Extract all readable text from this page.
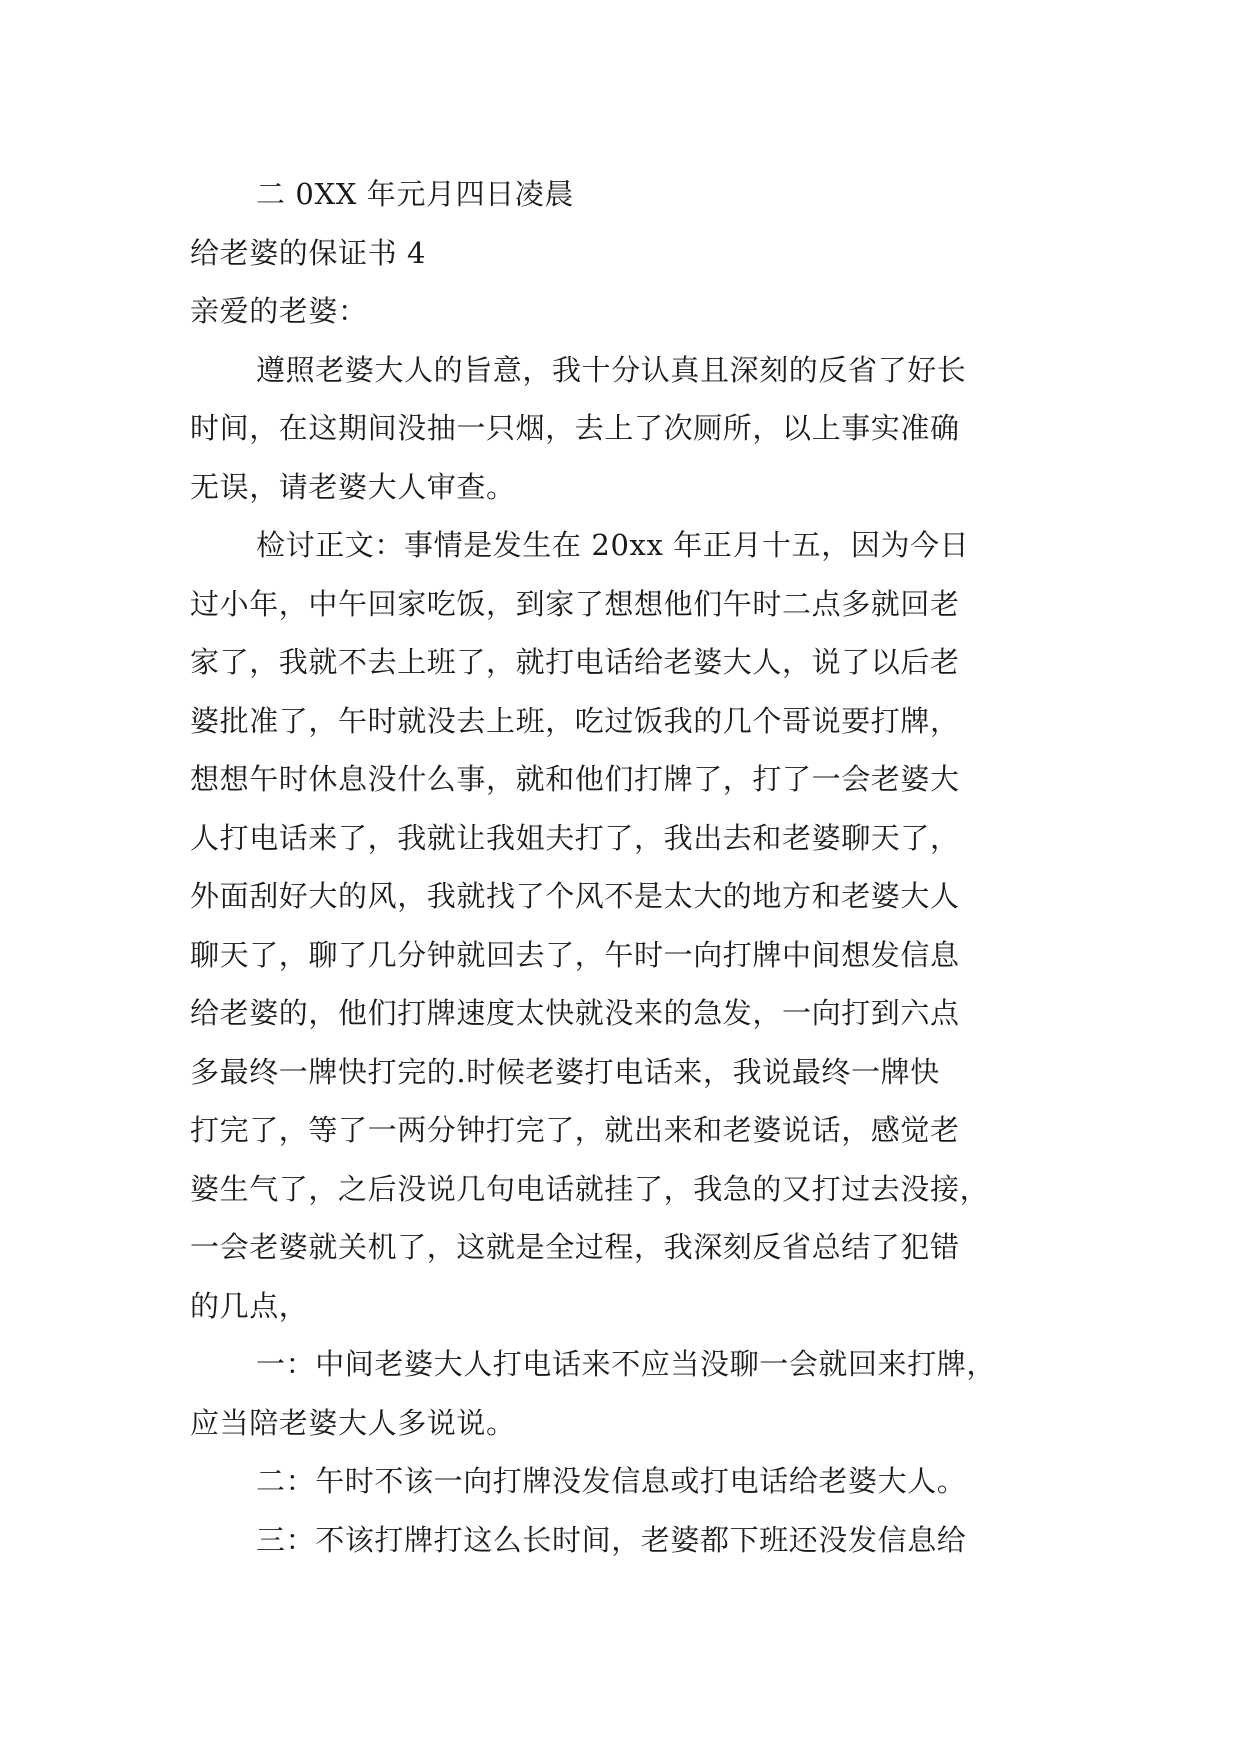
二 0XX 年元月四日凌晨

给老婆的保证书 4

亲爱的老婆：

遵照老婆大人的旨意，我十分认真且深刻的反省了好长

时间，在这期间没抽一只烟，去上了次厕所，以上事实准确

无误，请老婆大人审查。

检讨正文：事情是发生在 20xx 年正月十五，因为今日

过小年，中午回家吃饭，到家了想想他们午时二点多就回老

家了，我就不去上班了，就打电话给老婆大人，说了以后老

婆批准了，午时就没去上班，吃过饭我的几个哥说要打牌，

想想午时休息没什么事，就和他们打牌了，打了一会老婆大

人打电话来了，我就让我姐夫打了，我出去和老婆聊天了，

外面刮好大的风，我就找了个风不是太大的地方和老婆大人

聊天了，聊了几分钟就回去了，午时一向打牌中间想发信息

给老婆的，他们打牌速度太快就没来的急发，一向打到六点

多最终一牌快打完的.时候老婆打电话来，我说最终一牌快

打完了，等了一两分钟打完了，就出来和老婆说话，感觉老

婆生气了，之后没说几句电话就挂了，我急的又打过去没接，

一会老婆就关机了，这就是全过程，我深刻反省总结了犯错

的几点，

一：中间老婆大人打电话来不应当没聊一会就回来打牌，

应当陪老婆大人多说说。

二：午时不该一向打牌没发信息或打电话给老婆大人。

三：不该打牌打这么长时间，老婆都下班还没发信息给
